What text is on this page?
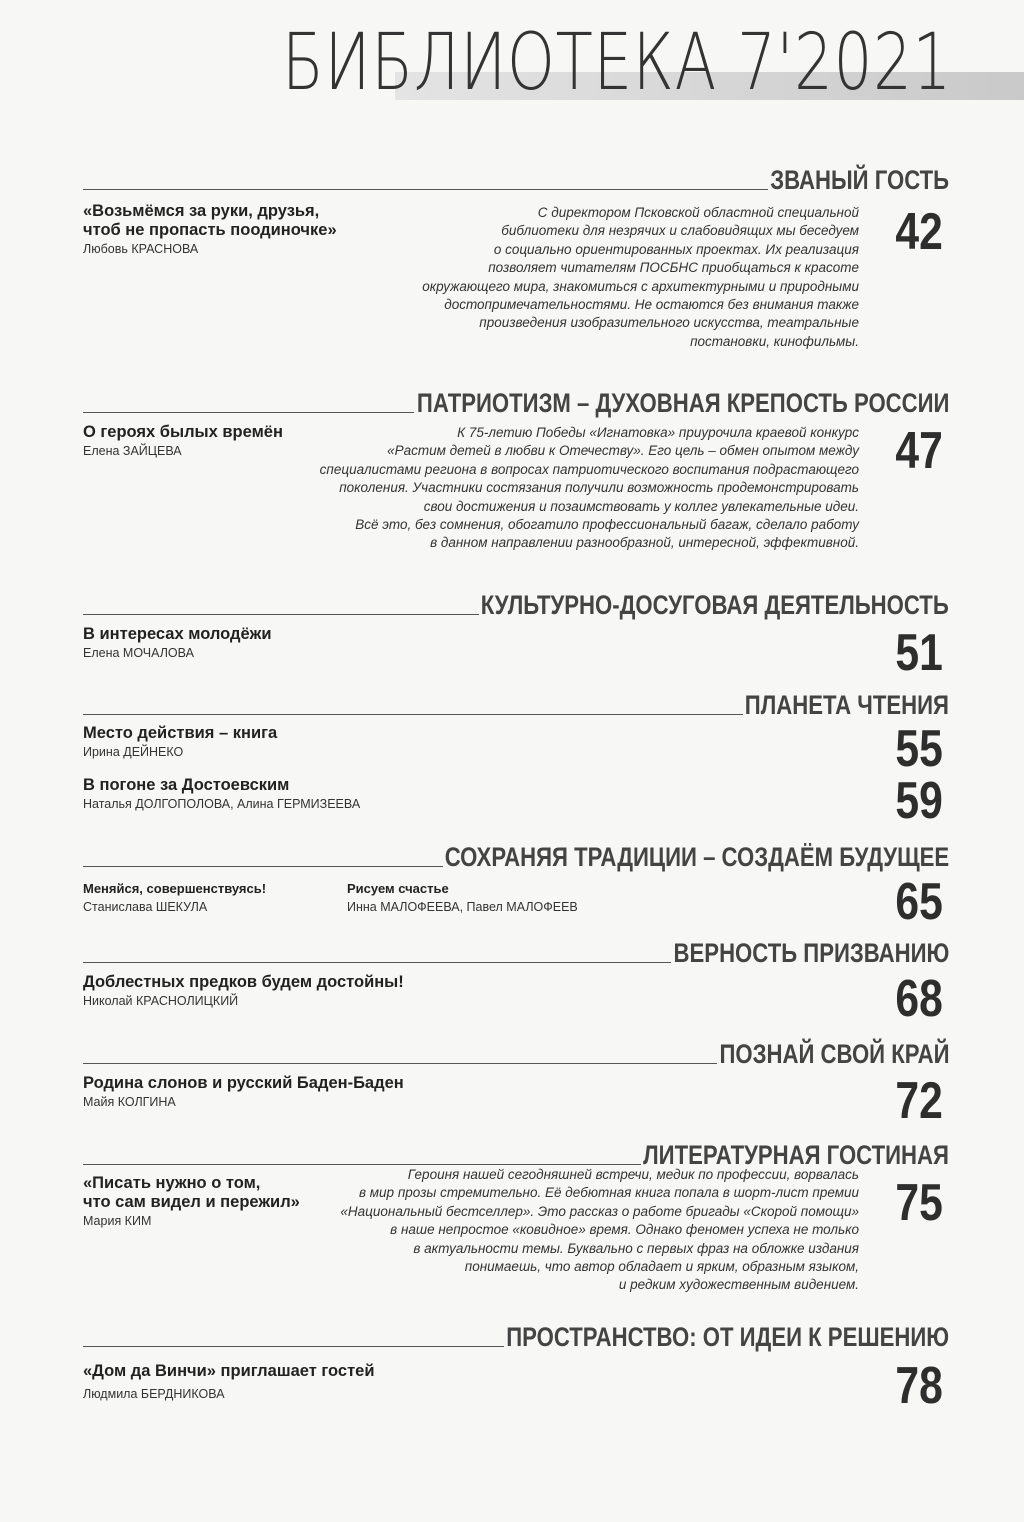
БИБЛИОТЕКА 7'2021
ЗВАНЫЙ ГОСТЬ
«Возьмёмся за руки, друзья,
чтоб не пропасть поодиночке»
Любовь КРАСНОВА
С директором Псковской областной специальной
библиотеки для незрячих и слабовидящих мы беседуем
о социально ориентированных проектах. Их реализация
позволяет читателям ПОСБНС приобщаться к красоте
окружающего мира, знакомиться с архитектурными и природными
достопримечательностями. Не остаются без внимания также
произведения изобразительного искусства, театральные
постановки, кинофильмы.
42
ПАТРИОТИЗМ – ДУХОВНАЯ КРЕПОСТЬ РОССИИ
О героях былых времён
Елена ЗАЙЦЕВА
К 75-летию Победы «Игнатовка» приурочила краевой конкурс
«Растим детей в любви к Отечеству». Его цель – обмен опытом между
специалистами региона в вопросах патриотического воспитания подрастающего
поколения. Участники состязания получили возможность продемонстрировать
свои достижения и позаимствовать у коллег увлекательные идеи.
Всё это, без сомнения, обогатило профессиональный багаж, сделало работу
в данном направлении разнообразной, интересной, эффективной.
47
КУЛЬТУРНО-ДОСУГОВАЯ ДЕЯТЕЛЬНОСТЬ
В интересах молодёжи
Елена МОЧАЛОВА	51
ПЛАНЕТА ЧТЕНИЯ
Место действия – книга
Ирина ДЕЙНЕКО	55
В погоне за Достоевским
Наталья ДОЛГОПОЛОВА, Алина ГЕРМИЗЕЕВА	59
СОХРАНЯЯ ТРАДИЦИИ – СОЗДАЁМ БУДУЩЕЕ
Меняйся, совершенствуясь!
Станислава ШЕКУЛА
Рисуем счастье
Инна МАЛОФЕЕВА, Павел МАЛОФЕЕВ	65
ВЕРНОСТЬ ПРИЗВАНИЮ
Доблестных предков будем достойны!
Николай КРАСНОЛИЦКИЙ	68
ПОЗНАЙ СВОЙ КРАЙ
Родина слонов и русский Баден-Баден
Майя КОЛГИНА	72
ЛИТЕРАТУРНАЯ ГОСТИНАЯ
«Писать нужно о том,
что сам видел и пережил»
Мария КИМ
Героиня нашей сегодняшней встречи, медик по профессии, ворвалась
в мир прозы стремительно. Её дебютная книга попала в шорт-лист премии
«Национальный бестселлер». Это рассказ о работе бригады «Скорой помощи»
в наше непростое «ковидное» время. Однако феномен успеха не только
в актуальности темы. Буквально с первых фраз на обложке издания
понимаешь, что автор обладает и ярким, образным языком,
и редким художественным видением.
75
ПРОСТРАНСТВО: ОТ ИДЕИ К РЕШЕНИЮ
«Дом да Винчи» приглашает гостей
Людмила БЕРДНИКОВА	78
